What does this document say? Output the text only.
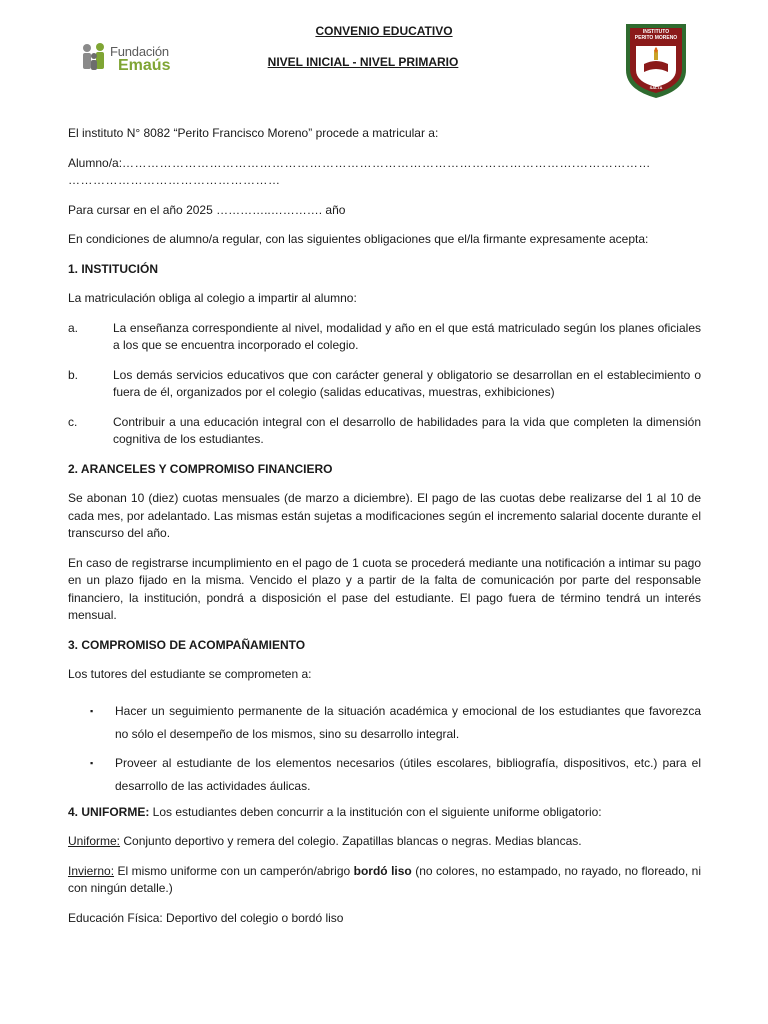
Fundación
Emaús
CONVENIO EDUCATIVO
NIVEL INICIAL - NIVEL PRIMARIO
INSTITUTO
PERITO MORENO
SALTA

El instituto N° 8082 “Perito Francisco Moreno” procede a matricular a:

Alumno/a:……………………………………………………………………………………………….………………
……………………………………………

Para cursar en el año 2025 …………..…………. año

En condiciones de alumno/a regular, con las siguientes obligaciones que el/la firmante expresamente acepta:

1. INSTITUCIÓN

La matriculación obliga al colegio a impartir al alumno:

a.	La enseñanza correspondiente al nivel, modalidad y año en el que está matriculado según los planes oficiales a los que se encuentra incorporado el colegio.
b.	Los demás servicios educativos que con carácter general y obligatorio se desarrollan en el establecimiento o fuera de él, organizados por el colegio (salidas educativas, muestras, exhibiciones)
c.	Contribuir a una educación integral con el desarrollo de habilidades para la vida que completen la dimensión cognitiva de los estudiantes.

2. ARANCELES Y COMPROMISO FINANCIERO

Se abonan 10 (diez) cuotas mensuales (de marzo a diciembre). El pago de las cuotas debe realizarse del 1 al 10 de cada mes, por adelantado. Las mismas están sujetas a modificaciones según el incremento salarial docente durante el transcurso del año.

En caso de registrarse incumplimiento en el pago de 1 cuota se procederá mediante una notificación a intimar su pago en un plazo fijado en la misma. Vencido el plazo y a partir de la falta de comunicación por parte del responsable financiero, la institución, pondrá a disposición el pase del estudiante. El pago fuera de término tendrá un interés mensual.

3. COMPROMISO DE ACOMPAÑAMIENTO

Los tutores del estudiante se comprometen a:

▪	Hacer un seguimiento permanente de la situación académica y emocional de los estudiantes que favorezca no sólo el desempeño de los mismos, sino su desarrollo integral.
▪	Proveer al estudiante de los elementos necesarios (útiles escolares, bibliografía, dispositivos, etc.) para el desarrollo de las actividades áulicas.

4. UNIFORME: Los estudiantes deben concurrir a la institución con el siguiente uniforme obligatorio:

Uniforme: Conjunto deportivo y remera del colegio. Zapatillas blancas o negras. Medias blancas.

Invierno: El mismo uniforme con un camperón/abrigo bordó liso (no colores, no estampado, no rayado, no floreado, ni con ningún detalle.)

Educación Física: Deportivo del colegio o bordó liso
